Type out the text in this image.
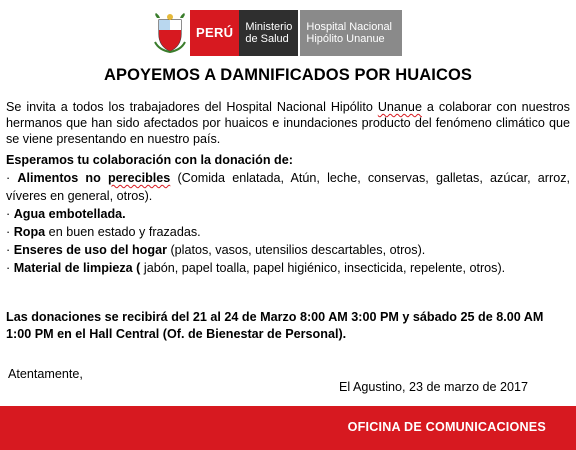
PERÚ	Ministerio
de Salud
Hospital Nacional
Hipólito Unanue
APOYEMOS A DAMNIFICADOS POR HUAICOS
Se invita a todos los trabajadores del Hospital Nacional Hipólito Unanue a colaborar con nuestros hermanos que han sido afectados por huaicos e inundaciones producto del fenómeno climático que se viene presentando en nuestro país.
Esperamos tu colaboración con la donación de:
· Alimentos no perecibles (Comida enlatada, Atún, leche, conservas, galletas, azúcar, arroz, víveres en general, otros).
· Agua embotellada.
· Ropa en buen estado y frazadas.
· Enseres de uso del hogar (platos, vasos, utensilios descartables, otros).
· Material de limpieza ( jabón, papel toalla, papel higiénico, insecticida, repelente, otros).
Las donaciones se recibirá del 21 al 24 de Marzo 8:00 AM 3:00 PM y sábado 25 de 8.00 AM 1:00 PM en el Hall Central (Of. de Bienestar de Personal).
Atentamente,
El Agustino, 23 de marzo de 2017
OFICINA DE COMUNICACIONES
